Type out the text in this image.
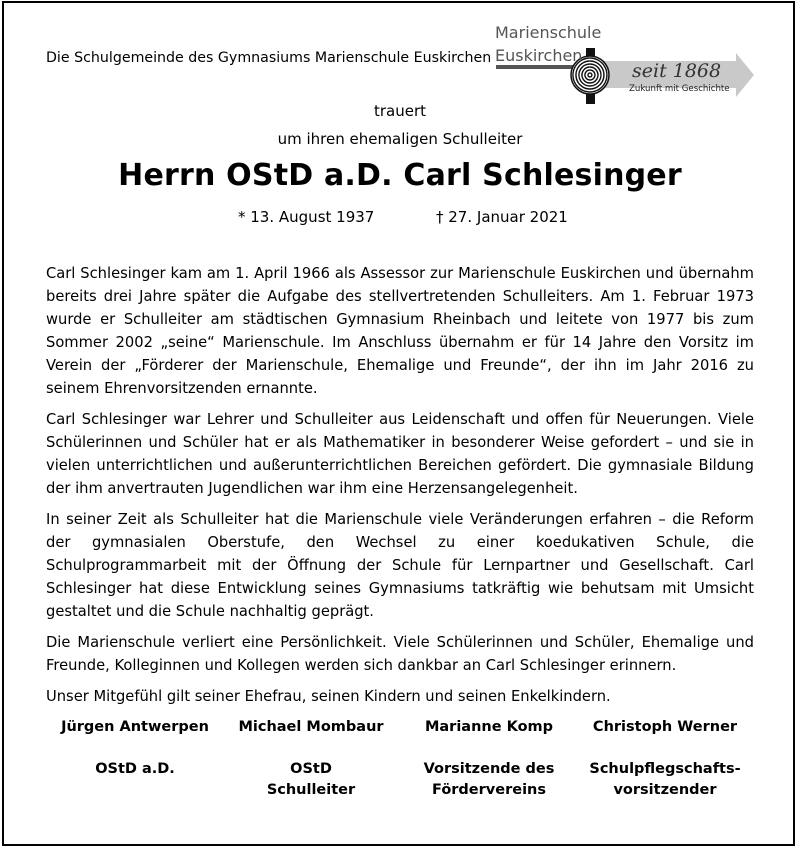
Die Schulgemeinde des Gymnasiums Marienschule Euskirchen
Marienschule
Euskirchen
seit 1868
Zukunft mit Geschichte
trauert
um ihren ehemaligen Schulleiter
Herrn OStD a.D. Carl Schlesinger
* 13. August 1937	† 27. Januar 2021

Carl Schlesinger kam am 1. April 1966 als Assessor zur Marienschule Euskirchen und übernahm bereits drei Jahre später die Aufgabe des stellvertretenden Schulleiters. Am 1. Februar 1973 wurde er Schulleiter am städtischen Gymnasium Rheinbach und leitete von 1977 bis zum Sommer 2002 „seine“ Marienschule. Im Anschluss übernahm er für 14 Jahre den Vorsitz im Verein der „Förderer der Marienschule, Ehemalige und Freunde“, der ihn im Jahr 2016 zu seinem Ehrenvorsitzenden ernannte.

Carl Schlesinger war Lehrer und Schulleiter aus Leidenschaft und offen für Neuerungen. Viele Schülerinnen und Schüler hat er als Mathematiker in besonderer Weise gefordert – und sie in vielen unterrichtlichen und außerunterrichtlichen Bereichen gefördert. Die gymnasiale Bildung der ihm anvertrauten Jugendlichen war ihm eine Herzensangelegenheit.

In seiner Zeit als Schulleiter hat die Marienschule viele Veränderungen erfahren – die Reform der gymnasialen Oberstufe, den Wechsel zu einer koedukativen Schule, die Schulprogrammarbeit mit der Öffnung der Schule für Lernpartner und Gesellschaft. Carl Schlesinger hat diese Entwicklung seines Gymnasiums tatkräftig wie behutsam mit Umsicht gestaltet und die Schule nachhaltig geprägt.

Die Marienschule verliert eine Persönlichkeit. Viele Schülerinnen und Schüler, Ehemalige und Freunde, Kolleginnen und Kollegen werden sich dankbar an Carl Schlesinger erinnern.

Unser Mitgefühl gilt seiner Ehefrau, seinen Kindern und seinen Enkelkindern.

Jürgen Antwerpen
OStD a.D.
Michael Mombaur
OStD
Schulleiter
Marianne Komp
Vorsitzende des
Fördervereins
Christoph Werner
Schulpflegschafts-
vorsitzender
